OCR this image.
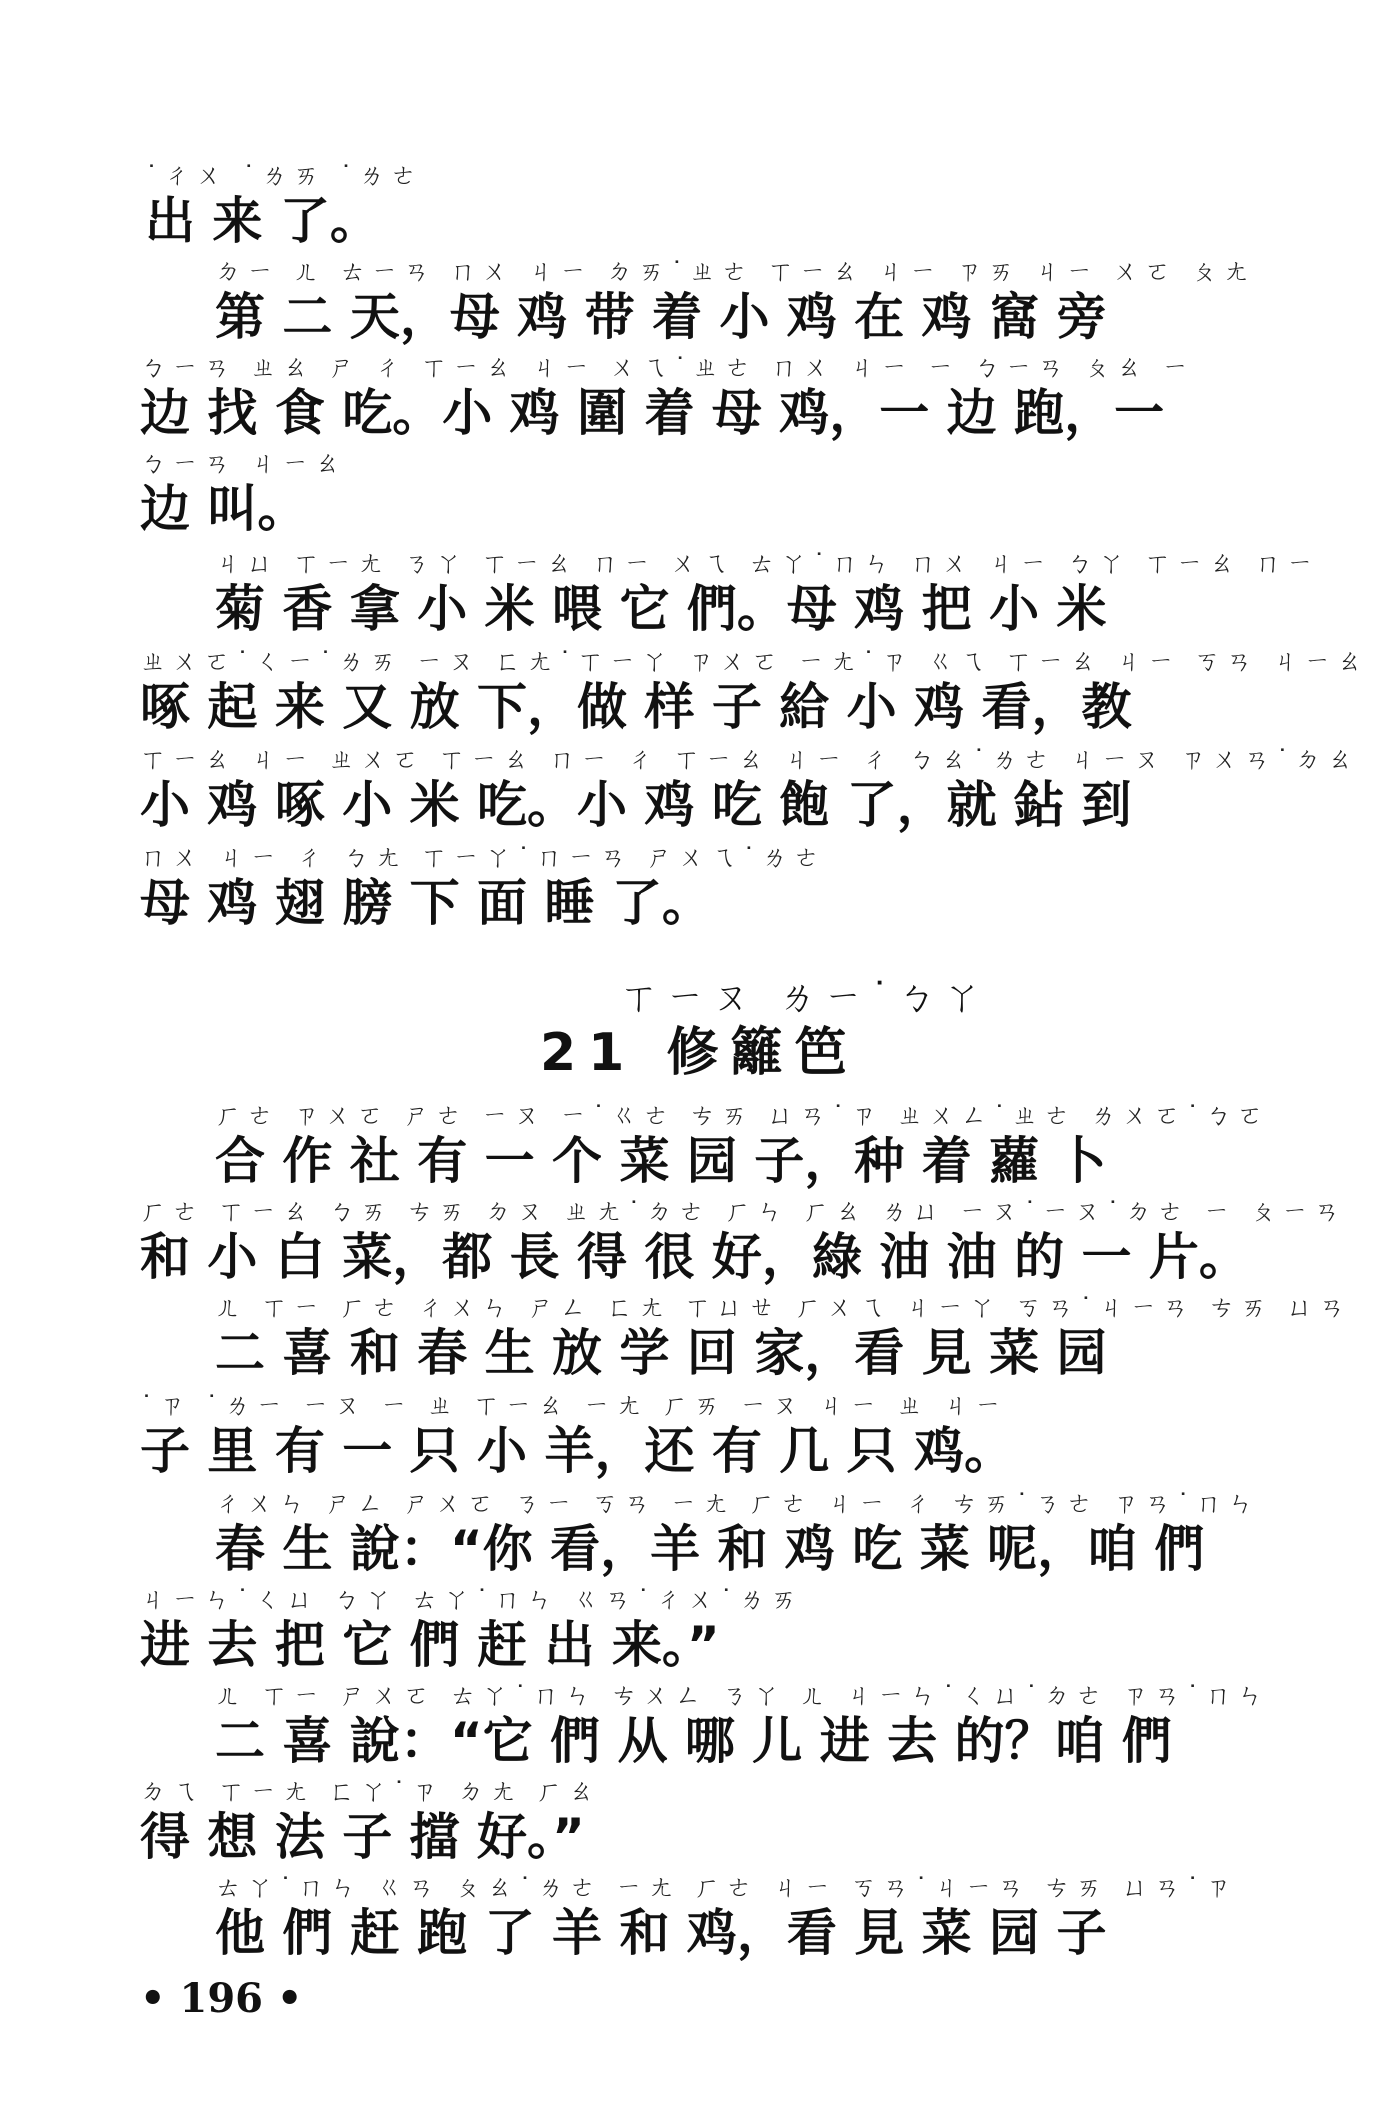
˙ㄔㄨ ˙ㄌㄞ ˙ㄌㄜ
出 来 了。
ㄉㄧ ㄦ ㄊㄧㄢ ㄇㄨ ㄐㄧ ㄉㄞ˙ㄓㄜ ㄒㄧㄠ ㄐㄧ ㄗㄞ ㄐㄧ ㄨㄛ ㄆㄤ
第 二 天，母 鸡 带 着 小 鸡 在 鸡 窩 旁
ㄅㄧㄢ ㄓㄠ ㄕ ㄔ ㄒㄧㄠ ㄐㄧ ㄨㄟ˙ㄓㄜ ㄇㄨ ㄐㄧ ㄧ ㄅㄧㄢ ㄆㄠ ㄧ
边 找 食 吃。小 鸡 圍 着 母 鸡，一 边 跑，一
ㄅㄧㄢ ㄐㄧㄠ
边 叫。
ㄐㄩ ㄒㄧㄤ ㄋㄚ ㄒㄧㄠ ㄇㄧ ㄨㄟ ㄊㄚ˙ㄇㄣ ㄇㄨ ㄐㄧ ㄅㄚ ㄒㄧㄠ ㄇㄧ
菊 香 拿 小 米 喂 它 們。母 鸡 把 小 米
ㄓㄨㄛ˙ㄑㄧ˙ㄌㄞ ㄧㄡ ㄈㄤ˙ㄒㄧㄚ ㄗㄨㄛ ㄧㄤ˙ㄗ ㄍㄟ ㄒㄧㄠ ㄐㄧ ㄎㄢ ㄐㄧㄠ
啄 起 来 又 放 下，做 样 子 給 小 鸡 看，教
ㄒㄧㄠ ㄐㄧ ㄓㄨㄛ ㄒㄧㄠ ㄇㄧ ㄔ ㄒㄧㄠ ㄐㄧ ㄔ ㄅㄠ˙ㄌㄜ ㄐㄧㄡ ㄗㄨㄢ˙ㄉㄠ
小 鸡 啄 小 米 吃。小 鸡 吃 飽 了，就 鉆 到
ㄇㄨ ㄐㄧ ㄔ ㄅㄤ ㄒㄧㄚ˙ㄇㄧㄢ ㄕㄨㄟ˙ㄌㄜ
母 鸡 翅 膀 下 面 睡 了。
ㄒㄧㄡ ㄌㄧ˙ㄅㄚ
21 修籬笆
ㄏㄜ ㄗㄨㄛ ㄕㄜ ㄧㄡ ㄧ˙ㄍㄜ ㄘㄞ ㄩㄢ˙ㄗ ㄓㄨㄥ˙ㄓㄜ ㄌㄨㄛ˙ㄅㄛ
合 作 社 有 一 个 菜 园 子，种 着 蘿 卜
ㄏㄜ ㄒㄧㄠ ㄅㄞ ㄘㄞ ㄉㄡ ㄓㄤ˙ㄉㄜ ㄏㄣ ㄏㄠ ㄌㄩ ㄧㄡ˙ㄧㄡ˙ㄉㄜ ㄧ ㄆㄧㄢ
和 小 白 菜，都 長 得 很 好，綠 油 油 的 一 片。
ㄦ ㄒㄧ ㄏㄜ ㄔㄨㄣ ㄕㄥ ㄈㄤ ㄒㄩㄝ ㄏㄨㄟ ㄐㄧㄚ ㄎㄢ˙ㄐㄧㄢ ㄘㄞ ㄩㄢ
二 喜 和 春 生 放 学 回 家，看 見 菜 园
˙ㄗ ˙ㄌㄧ ㄧㄡ ㄧ ㄓ ㄒㄧㄠ ㄧㄤ ㄏㄞ ㄧㄡ ㄐㄧ ㄓ ㄐㄧ
子 里 有 一 只 小 羊，还 有 几 只 鸡。
ㄔㄨㄣ ㄕㄥ ㄕㄨㄛ ㄋㄧ ㄎㄢ ㄧㄤ ㄏㄜ ㄐㄧ ㄔ ㄘㄞ˙ㄋㄜ ㄗㄢ˙ㄇㄣ
春 生 說：“你 看，羊 和 鸡 吃 菜 呢，咱 們
ㄐㄧㄣ˙ㄑㄩ ㄅㄚ ㄊㄚ˙ㄇㄣ ㄍㄢ˙ㄔㄨ˙ㄌㄞ
进 去 把 它 們 赶 出 来。”
ㄦ ㄒㄧ ㄕㄨㄛ ㄊㄚ˙ㄇㄣ ㄘㄨㄥ ㄋㄚ ㄦ ㄐㄧㄣ˙ㄑㄩ˙ㄉㄜ ㄗㄢ˙ㄇㄣ
二 喜 說：“它 們 从 哪 儿 进 去 的？咱 們
ㄉㄟ ㄒㄧㄤ ㄈㄚ˙ㄗ ㄉㄤ ㄏㄠ
得 想 法 子 擋 好。”
ㄊㄚ˙ㄇㄣ ㄍㄢ ㄆㄠ˙ㄌㄜ ㄧㄤ ㄏㄜ ㄐㄧ ㄎㄢ˙ㄐㄧㄢ ㄘㄞ ㄩㄢ˙ㄗ
他 們 赶 跑 了 羊 和 鸡，看 見 菜 园 子
• 196 •
